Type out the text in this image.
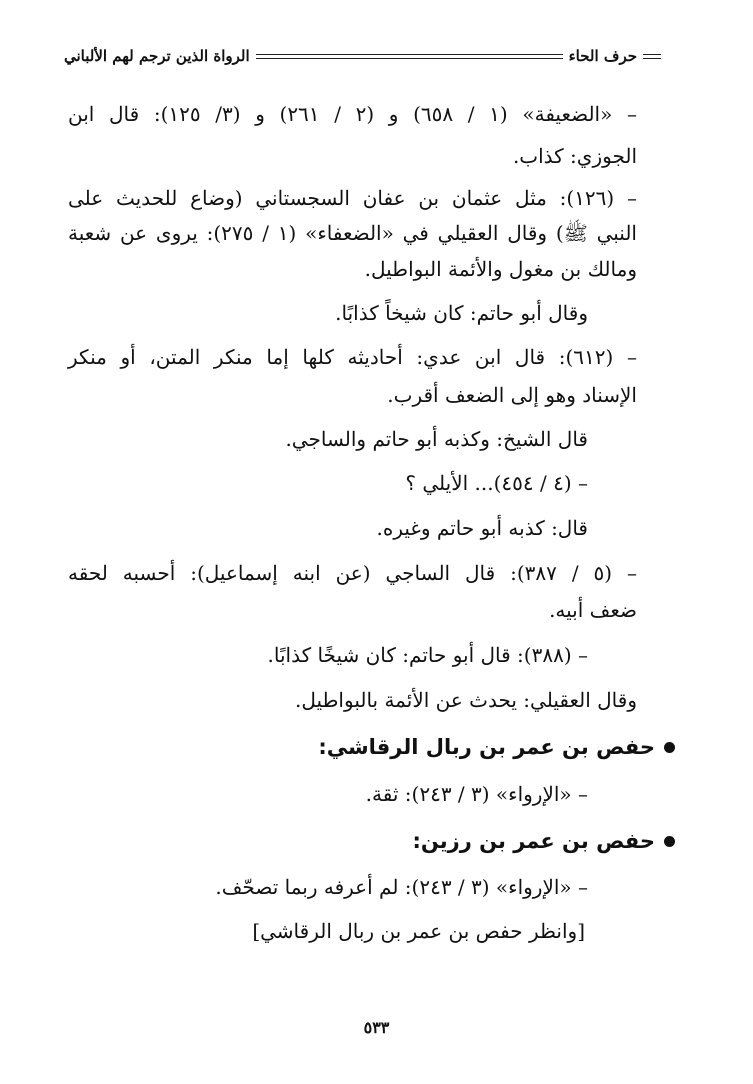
حرف الحاء
الرواة الذين ترجم لهم الألباني
– «الضعيفة» (١ / ٦٥٨) و (٢ / ٢٦١) و (٣/ ١٢٥): قال ابن
الجوزي: كذاب.
– (١٢٦): مثل عثمان بن عفان السجستاني (وضاع للحديث على
النبي ﷺ) وقال العقيلي في «الضعفاء» (١ / ٢٧٥): يروى عن شعبة
ومالك بن مغول والأئمة البواطيل.
وقال أبو حاتم: كان شيخاً كذابًا.
– (٦١٢): قال ابن عدي: أحاديثه كلها إما منكر المتن، أو منكر
الإسناد وهو إلى الضعف أقرب.
قال الشيخ: وكذبه أبو حاتم والساجي.
– (٤ / ٤٥٤)... الأيلي ؟
قال: كذبه أبو حاتم وغيره.
– (٥ / ٣٨٧): قال الساجي (عن ابنه إسماعيل): أحسبه لحقه
ضعف أبيه.
– (٣٨٨): قال أبو حاتم: كان شيخًا كذابًا.
وقال العقيلي: يحدث عن الأئمة بالبواطيل.
حفص بن عمر بن ربال الرقاشي:
– «الإرواء» (٣ / ٢٤٣): ثقة.
حفص بن عمر بن رزين:
– «الإرواء» (٣ / ٢٤٣): لم أعرفه ربما تصحّف.
[وانظر حفص بن عمر بن ربال الرقاشي]
٥٣٣
